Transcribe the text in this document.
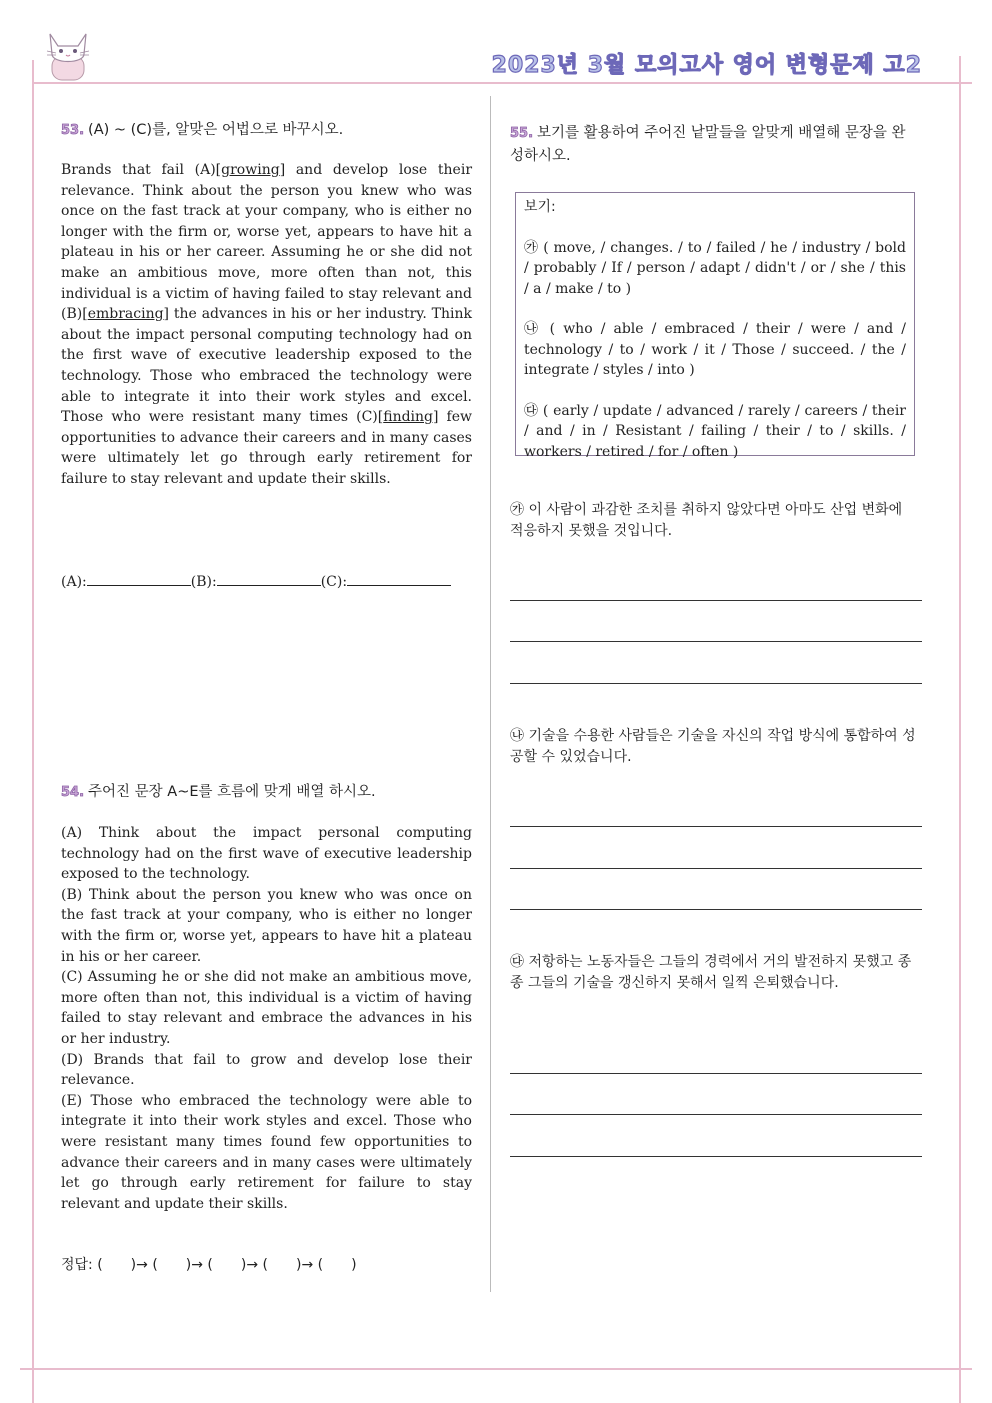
2023년 3월 모의고사 영어 변형문제 고2
53. (A) ~ (C)를, 알맞은 어법으로 바꾸시오.
Brands that fail (A)[growing] and develop lose their relevance. Think about the person you knew who was once on the fast track at your company, who is either no longer with the firm or, worse yet, appears to have hit a plateau in his or her career. Assuming he or she did not make an ambitious move, more often than not, this individual is a victim of having failed to stay relevant and (B)[embracing] the advances in his or her industry. Think about the impact personal computing technology had on the first wave of executive leadership exposed to the technology. Those who embraced the technology were able to integrate it into their work styles and excel. Those who were resistant many times (C)[finding] few opportunities to advance their careers and in many cases were ultimately let go through early retirement for failure to stay relevant and update their skills.
(A):	(B):	(C):
54. 주어진 문장 A~E를 흐름에 맞게 배열 하시오.
(A) Think about the impact personal computing technology had on the first wave of executive leadership exposed to the technology.
(B) Think about the person you knew who was once on the fast track at your company, who is either no longer with the firm or, worse yet, appears to have hit a plateau in his or her career.
(C) Assuming he or she did not make an ambitious move, more often than not, this individual is a victim of having failed to stay relevant and embrace the advances in his or her industry.
(D) Brands that fail to grow and develop lose their relevance.
(E) Those who embraced the technology were able to integrate it into their work styles and excel. Those who were resistant many times found few opportunities to advance their careers and in many cases were ultimately let go through early retirement for failure to stay relevant and update their skills.
정답: (　　)→ (　　)→ (　　)→ (　　)→ (　　)
55. 보기를 활용하여 주어진 낱말들을 알맞게 배열해 문장을 완성하시오.

보기:

㉮ ( move, / changes. / to / failed / he / industry / bold / probably / If / person / adapt / didn't / or / she / this / a / make / to )

㉯ ( who / able / embraced / their / were / and / technology / to / work / it / Those / succeed. / the / integrate / styles / into )

㉰ ( early / update / advanced / rarely / careers / their / and / in / Resistant / failing / their / to / skills. / workers / retired / for / often )

㉮ 이 사람이 과감한 조치를 취하지 않았다면 아마도 산업 변화에 적응하지 못했을 것입니다.
㉯ 기술을 수용한 사람들은 기술을 자신의 작업 방식에 통합하여 성공할 수 있었습니다.
㉰ 저항하는 노동자들은 그들의 경력에서 거의 발전하지 못했고 종종 그들의 기술을 갱신하지 못해서 일찍 은퇴했습니다.
